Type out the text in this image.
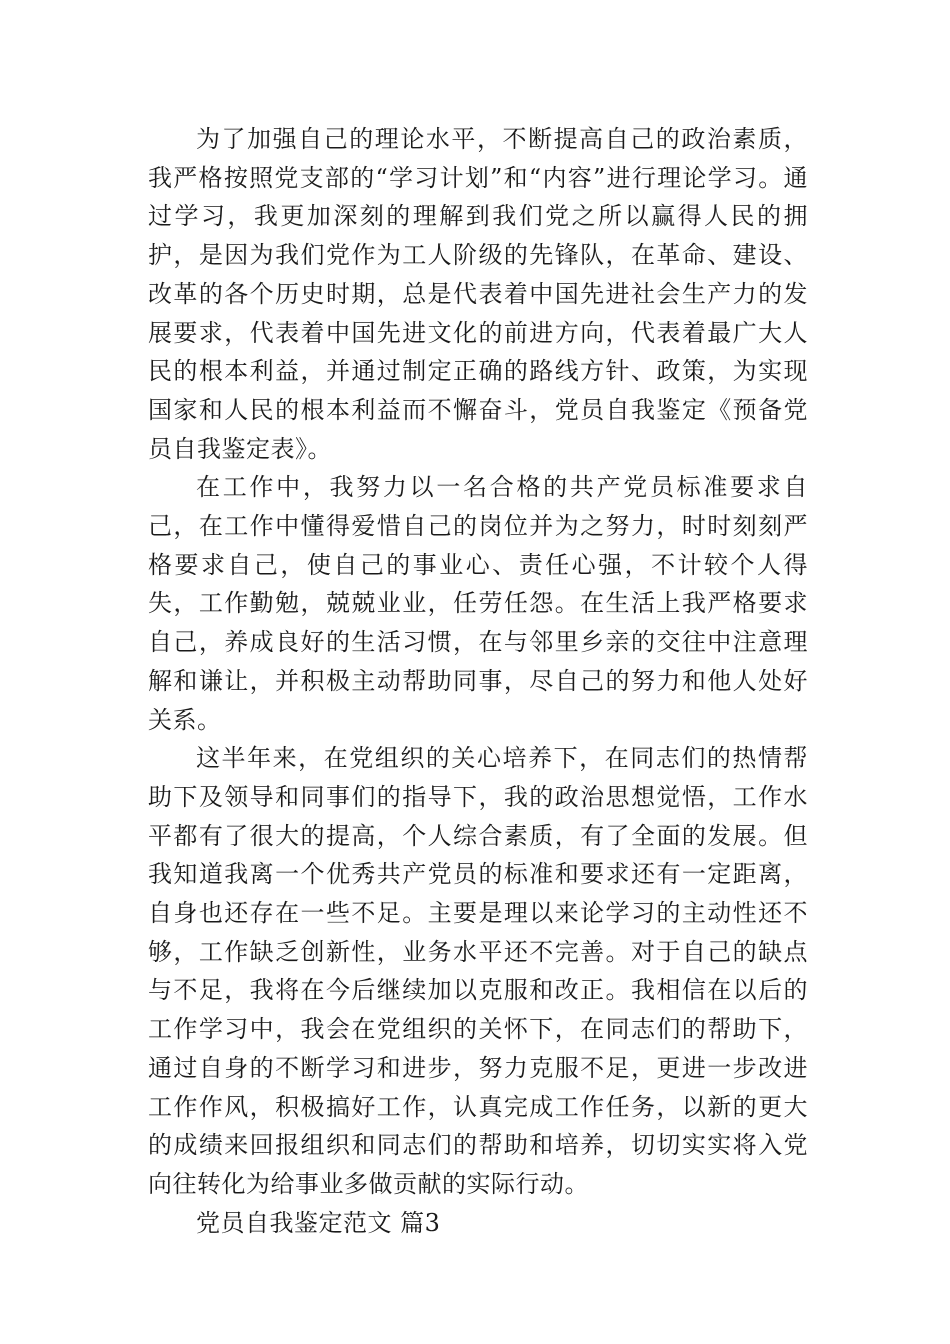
为了加强自己的理论水平，不断提高自己的政治素质，我严格按照党支部的“学习计划”和“内容”进行理论学习。通过学习，我更加深刻的理解到我们党之所以赢得人民的拥护，是因为我们党作为工人阶级的先锋队，在革命、建设、改革的各个历史时期，总是代表着中国先进社会生产力的发展要求，代表着中国先进文化的前进方向，代表着最广大人民的根本利益，并通过制定正确的路线方针、政策，为实现国家和人民的根本利益而不懈奋斗，党员自我鉴定《预备党员自我鉴定表》。

在工作中，我努力以一名合格的共产党员标准要求自己，在工作中懂得爱惜自己的岗位并为之努力，时时刻刻严格要求自己，使自己的事业心、责任心强，不计较个人得失，工作勤勉，兢兢业业，任劳任怨。在生活上我严格要求自己，养成良好的生活习惯，在与邻里乡亲的交往中注意理解和谦让，并积极主动帮助同事，尽自己的努力和他人处好关系。

这半年来，在党组织的关心培养下，在同志们的热情帮助下及领导和同事们的指导下，我的政治思想觉悟，工作水平都有了很大的提高，个人综合素质，有了全面的发展。但我知道我离一个优秀共产党员的标准和要求还有一定距离，自身也还存在一些不足。主要是理以来论学习的主动性还不够，工作缺乏创新性，业务水平还不完善。对于自己的缺点与不足，我将在今后继续加以克服和改正。我相信在以后的工作学习中，我会在党组织的关怀下，在同志们的帮助下，通过自身的不断学习和进步，努力克服不足，更进一步改进工作作风，积极搞好工作，认真完成工作任务，以新的更大的成绩来回报组织和同志们的帮助和培养，切切实实将入党向往转化为给事业多做贡献的实际行动。

党员自我鉴定范文 篇3
